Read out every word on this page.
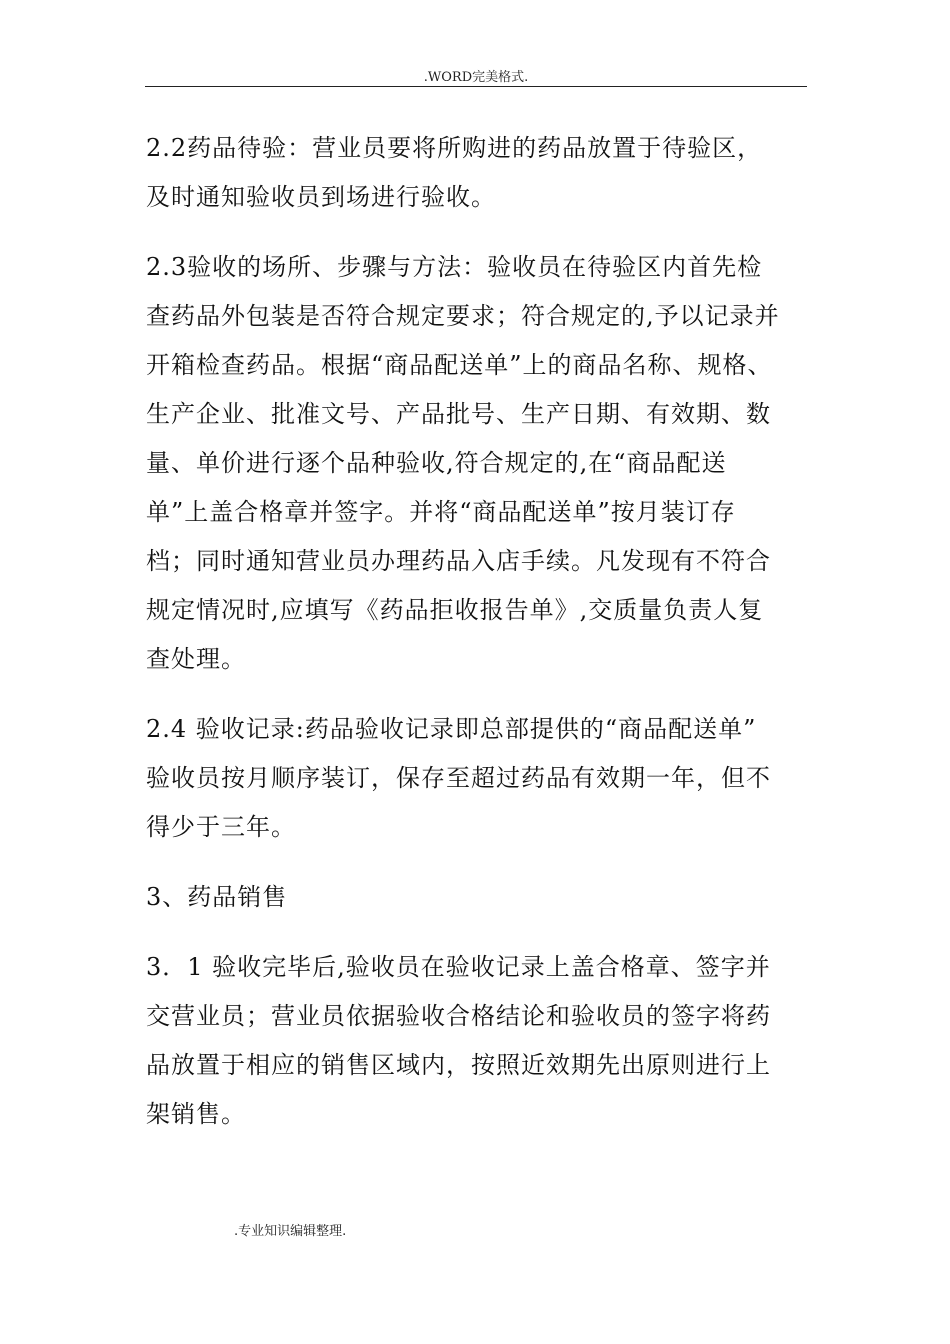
.WORD完美格式.

2.2药品待验：营业员要将所购进的药品放置于待验区，
及时通知验收员到场进行验收。

2.3验收的场所、步骤与方法：验收员在待验区内首先检
查药品外包装是否符合规定要求；符合规定的,予以记录并
开箱检查药品。根据“商品配送单”上的商品名称、规格、
生产企业、批准文号、产品批号、生产日期、有效期、数
量、单价进行逐个品种验收,符合规定的,在“商品配送
单”上盖合格章并签字。并将“商品配送单”按月装订存
档；同时通知营业员办理药品入店手续。凡发现有不符合
规定情况时,应填写《药品拒收报告单》,交质量负责人复
查处理。

2.4 验收记录:药品验收记录即总部提供的“商品配送单”
验收员按月顺序装订，保存至超过药品有效期一年，但不
得少于三年。

3、药品销售

3．1 验收完毕后,验收员在验收记录上盖合格章、签字并
交营业员；营业员依据验收合格结论和验收员的签字将药
品放置于相应的销售区域内，按照近效期先出原则进行上
架销售。

.专业知识编辑整理.
